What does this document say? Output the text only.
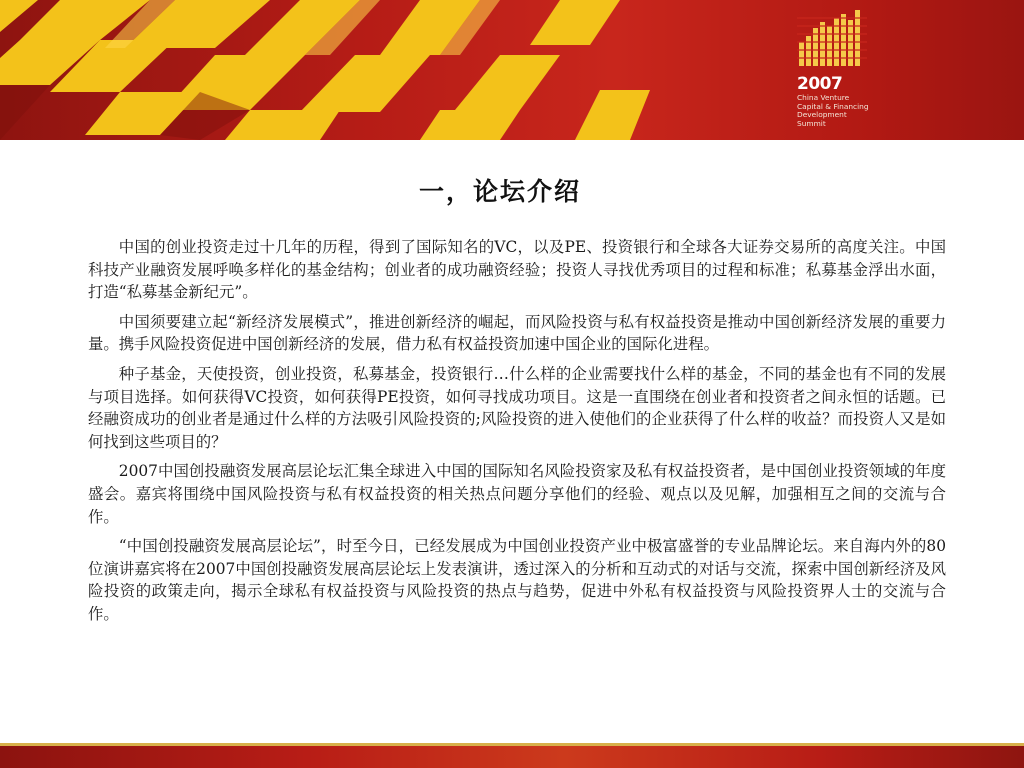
2007
China Venture
Capital & Financing
Development
Summit
一，论坛介绍

中国的创业投资走过十几年的历程，得到了国际知名的VC，以及PE、投资银行和全球各大证券交易所的高度关注。中国科技产业融资发展呼唤多样化的基金结构；创业者的成功融资经验；投资人寻找优秀项目的过程和标准；私募基金浮出水面，打造“私募基金新纪元”。

中国须要建立起“新经济发展模式”，推进创新经济的崛起，而风险投资与私有权益投资是推动中国创新经济发展的重要力量。携手风险投资促进中国创新经济的发展，借力私有权益投资加速中国企业的国际化进程。

种子基金，天使投资，创业投资，私募基金，投资银行…什么样的企业需要找什么样的基金，不同的基金也有不同的发展与项目选择。如何获得VC投资，如何获得PE投资，如何寻找成功项目。这是一直围绕在创业者和投资者之间永恒的话题。已经融资成功的创业者是通过什么样的方法吸引风险投资的;风险投资的进入使他们的企业获得了什么样的收益？而投资人又是如何找到这些项目的？

2007中国创投融资发展高层论坛汇集全球进入中国的国际知名风险投资家及私有权益投资者，是中国创业投资领域的年度盛会。嘉宾将围绕中国风险投资与私有权益投资的相关热点问题分享他们的经验、观点以及见解，加强相互之间的交流与合作。

“中国创投融资发展高层论坛”，时至今日，已经发展成为中国创业投资产业中极富盛誉的专业品牌论坛。来自海内外的80位演讲嘉宾将在2007中国创投融资发展高层论坛上发表演讲，透过深入的分析和互动式的对话与交流，探索中国创新经济及风险投资的政策走向，揭示全球私有权益投资与风险投资的热点与趋势，促进中外私有权益投资与风险投资界人士的交流与合作。
